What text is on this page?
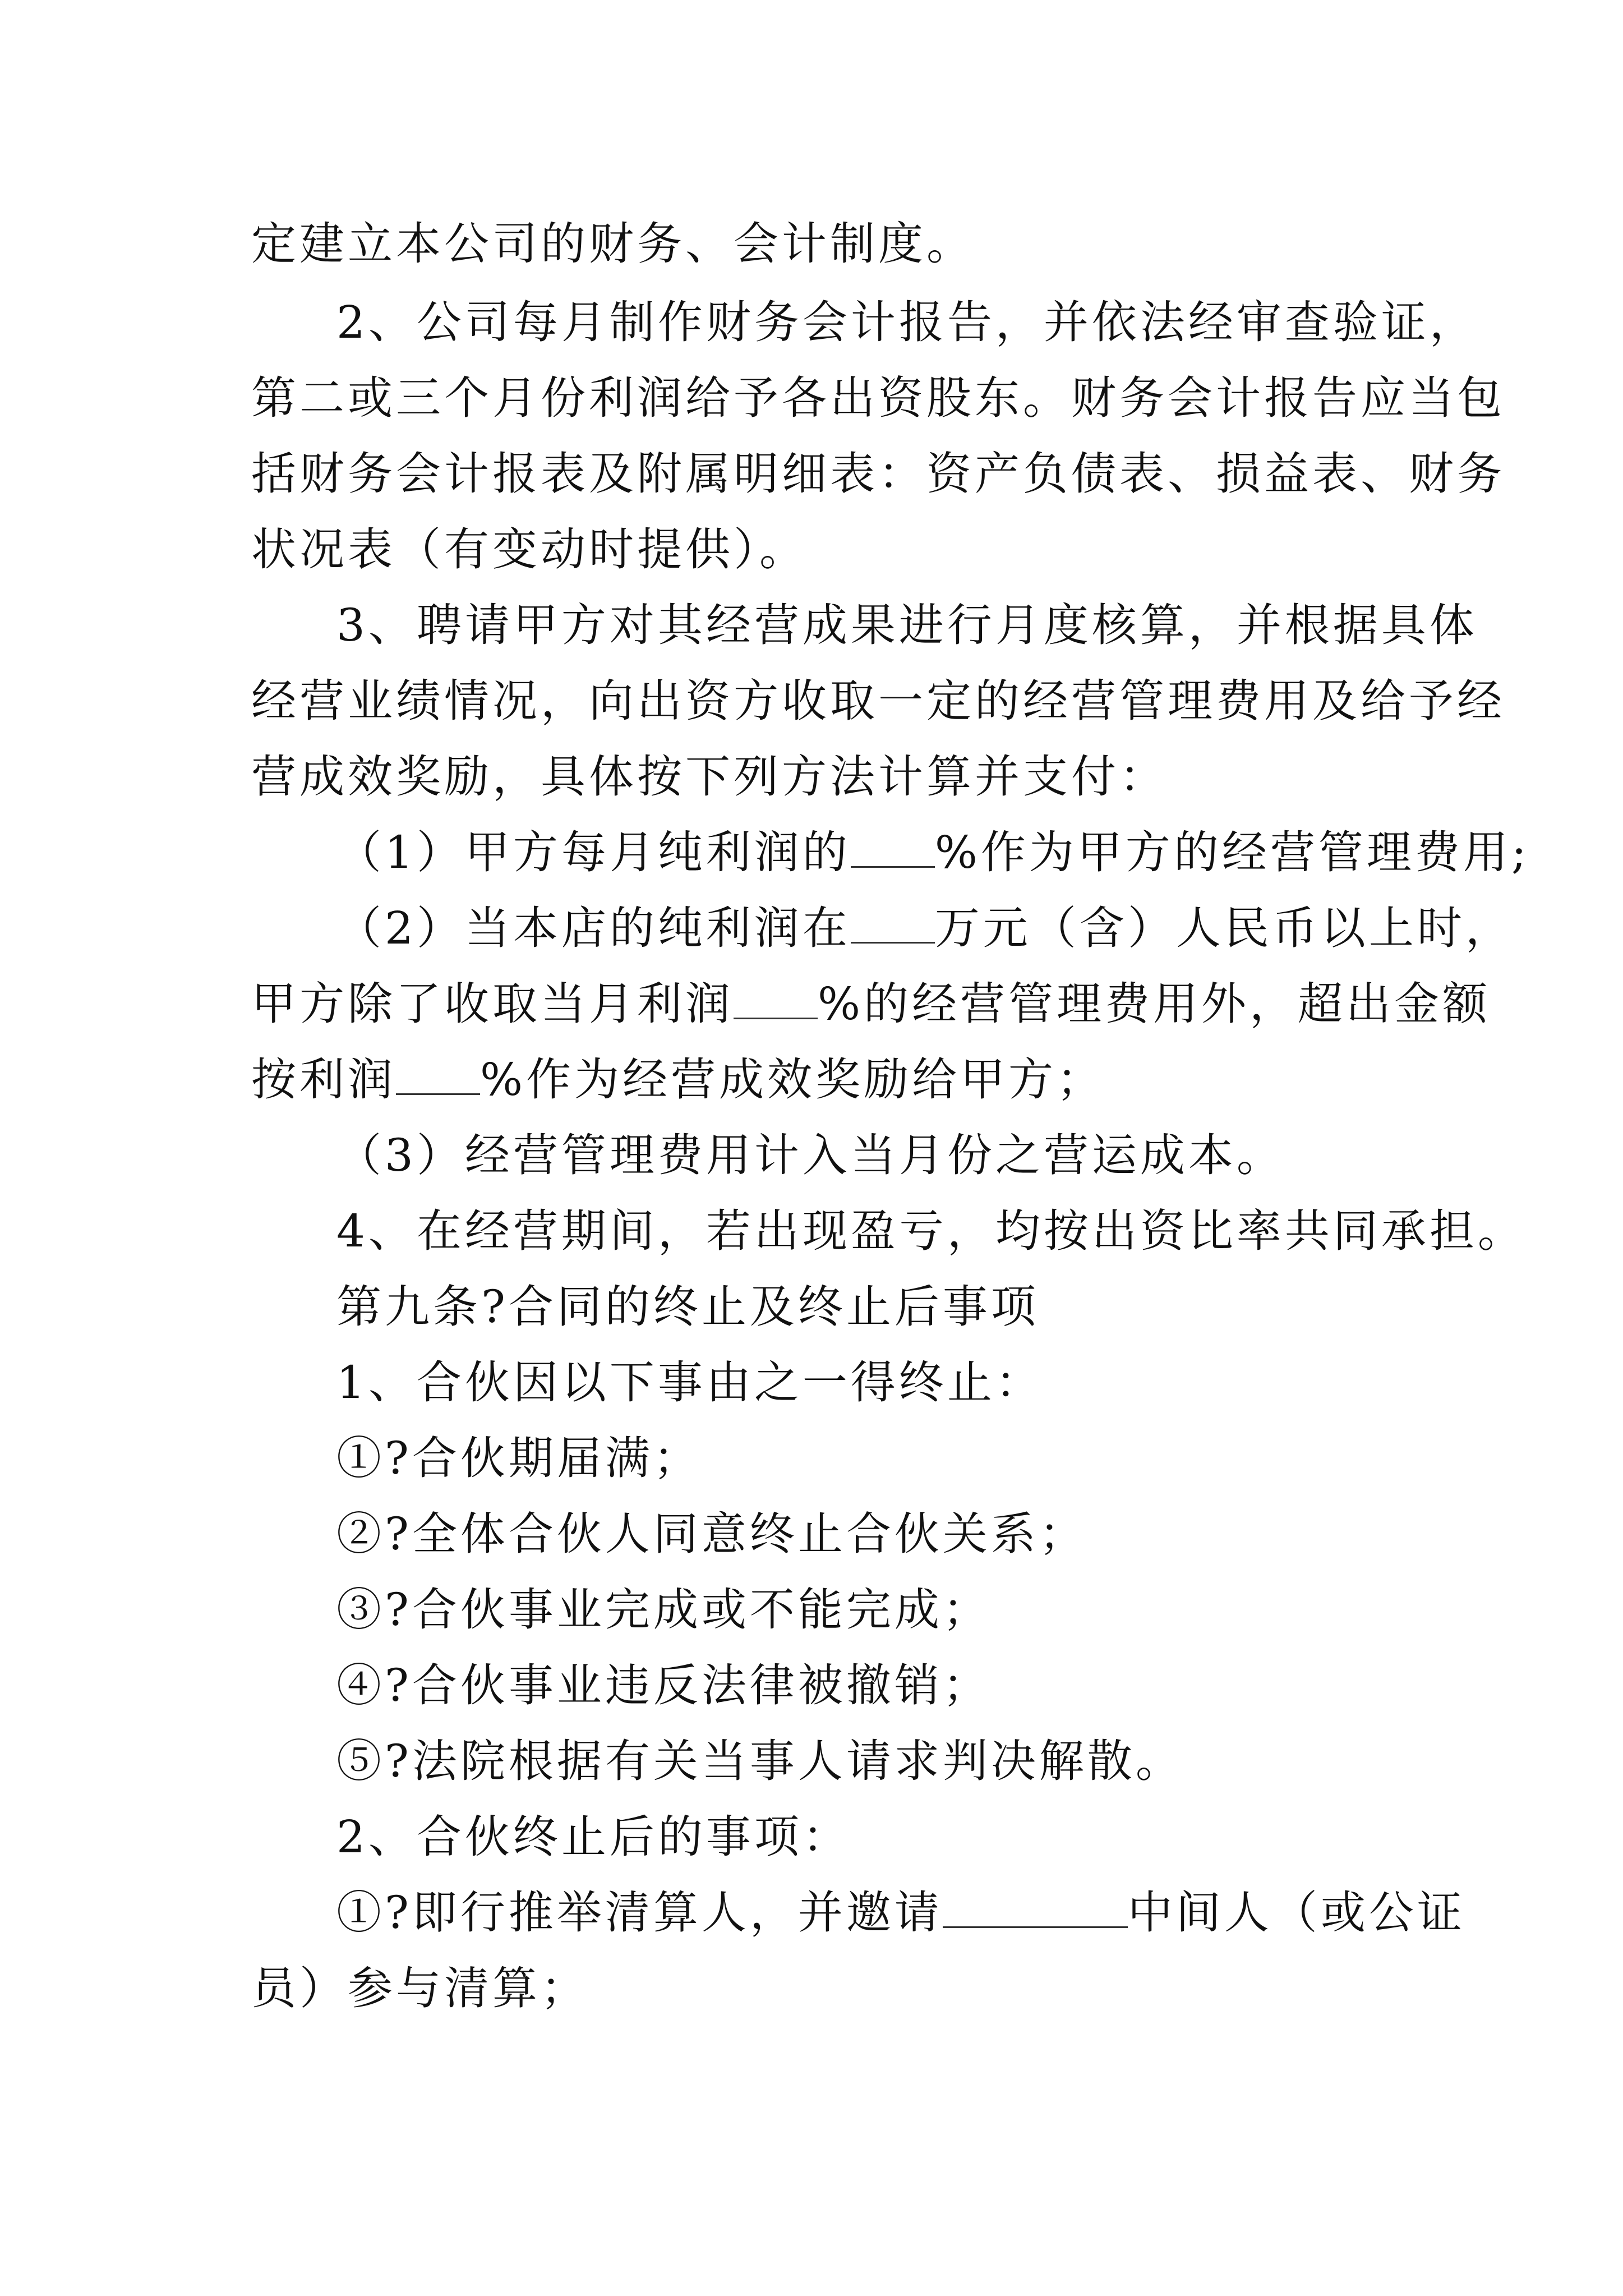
定建立本公司的财务、会计制度。
2、公司每月制作财务会计报告，并依法经审查验证，
第二或三个月份利润给予各出资股东。财务会计报告应当包
括财务会计报表及附属明细表：资产负债表、损益表、财务
状况表（有变动时提供）。
3、聘请甲方对其经营成果进行月度核算，并根据具体
经营业绩情况，向出资方收取一定的经营管理费用及给予经
营成效奖励，具体按下列方法计算并支付：
（1）甲方每月纯利润的 %作为甲方的经营管理费用;
（2）当本店的纯利润在 万元（含）人民币以上时，
甲方除了收取当月利润 %的经营管理费用外，超出金额
按利润 %作为经营成效奖励给甲方；
（3）经营管理费用计入当月份之营运成本。
4、在经营期间，若出现盈亏，均按出资比率共同承担。
第九条?合同的终止及终止后事项
1、合伙因以下事由之一得终止：
①?合伙期届满；
②?全体合伙人同意终止合伙关系；
③?合伙事业完成或不能完成；
④?合伙事业违反法律被撤销；
⑤?法院根据有关当事人请求判决解散。
2、合伙终止后的事项：
①?即行推举清算人，并邀请	中间人（或公证
员）参与清算；
